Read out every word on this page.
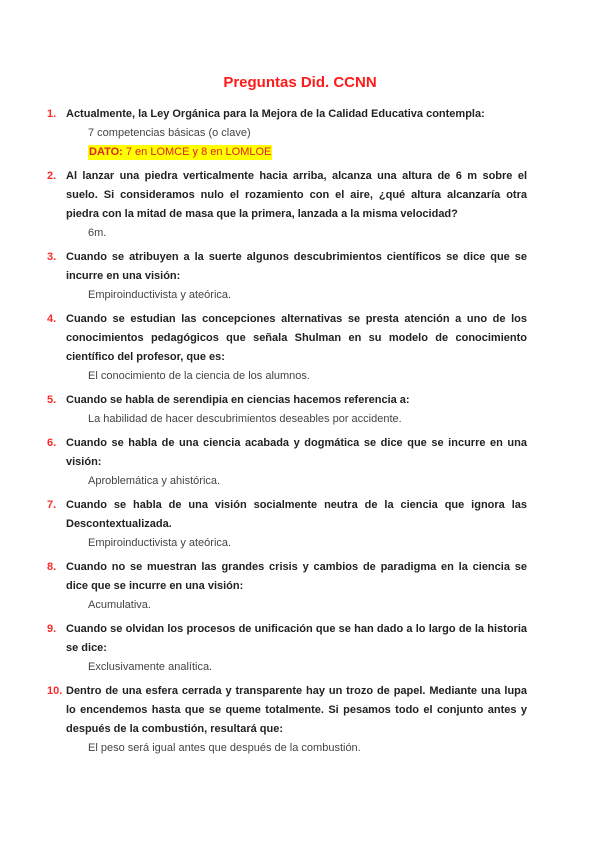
Preguntas Did. CCNN
1. Actualmente, la Ley Orgánica para la Mejora de la Calidad Educativa contempla:
7 competencias básicas (o clave)
DATO: 7 en LOMCE y 8 en LOMLOE
2. Al lanzar una piedra verticalmente hacia arriba, alcanza una altura de 6 m sobre el suelo. Si consideramos nulo el rozamiento con el aire, ¿qué altura alcanzaría otra piedra con la mitad de masa que la primera, lanzada a la misma velocidad?
6m.
3. Cuando se atribuyen a la suerte algunos descubrimientos científicos se dice que se incurre en una visión:
Empiroinductivista y ateórica.
4. Cuando se estudian las concepciones alternativas se presta atención a uno de los conocimientos pedagógicos que señala Shulman en su modelo de conocimiento científico del profesor, que es:
El conocimiento de la ciencia de los alumnos.
5. Cuando se habla de serendipia en ciencias hacemos referencia a:
La habilidad de hacer descubrimientos deseables por accidente.
6. Cuando se habla de una ciencia acabada y dogmática se dice que se incurre en una visión:
Aproblemática y ahistórica.
7. Cuando se habla de una visión socialmente neutra de la ciencia que ignora las Descontextualizada.
Empiroinductivista y ateórica.
8. Cuando no se muestran las grandes crisis y cambios de paradigma en la ciencia se dice que se incurre en una visión:
Acumulativa.
9. Cuando se olvidan los procesos de unificación que se han dado a lo largo de la historia se dice:
Exclusivamente analítica.
10. Dentro de una esfera cerrada y transparente hay un trozo de papel. Mediante una lupa lo encendemos hasta que se queme totalmente. Si pesamos todo el conjunto antes y después de la combustión, resultará que:
El peso será igual antes que después de la combustión.
